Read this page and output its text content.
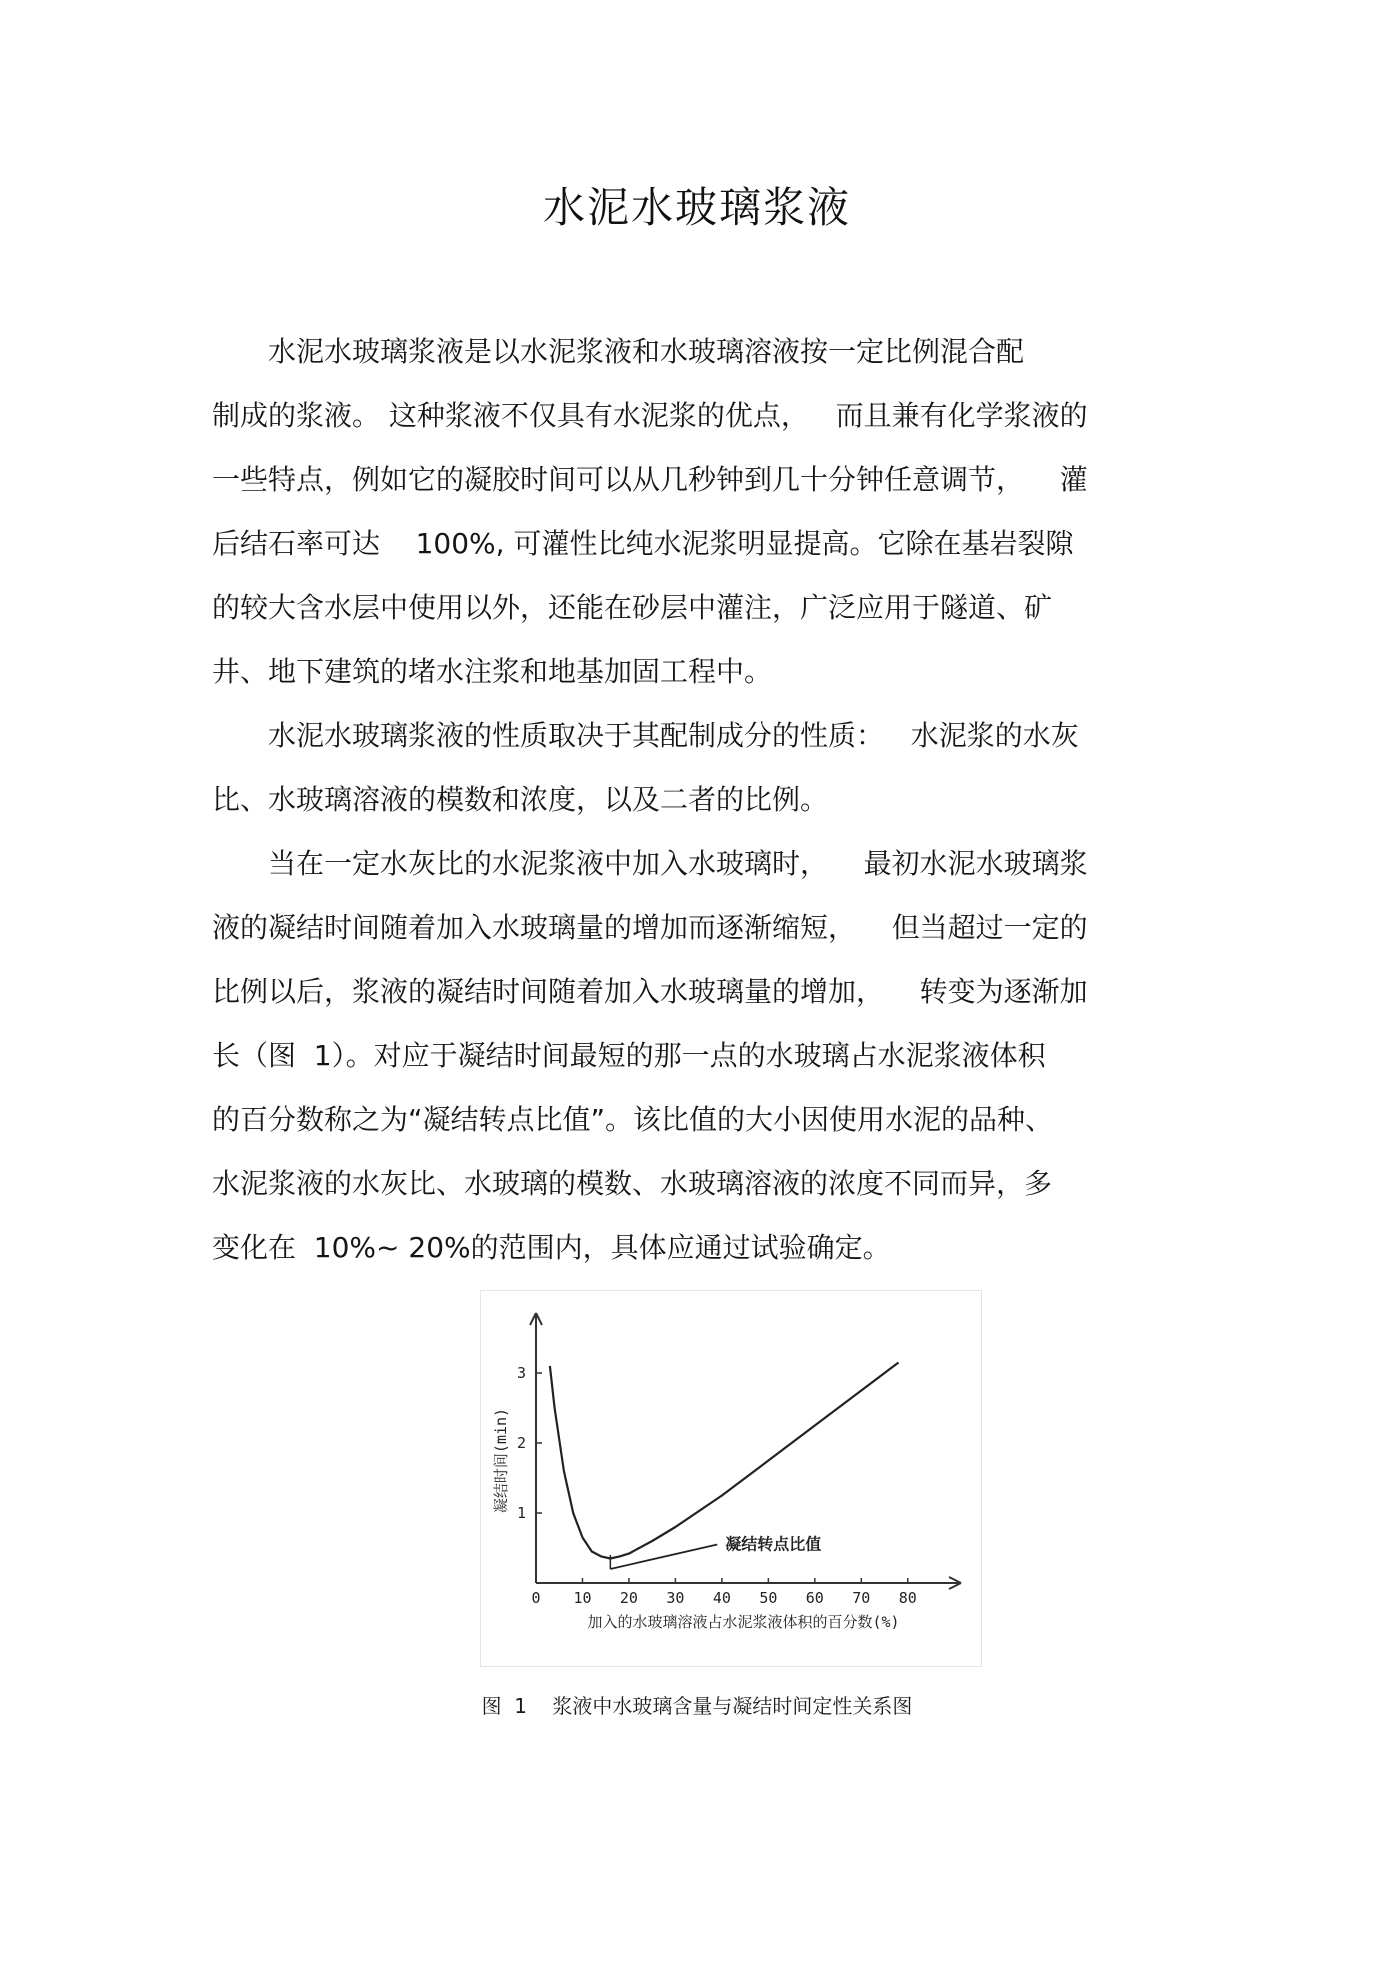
水泥水玻璃浆液
　　水泥水玻璃浆液是以水泥浆液和水玻璃溶液按一定比例混合配
制成的浆液。 这种浆液不仅具有水泥浆的优点，   而且兼有化学浆液的
一些特点，例如它的凝胶时间可以从几秒钟到几十分钟任意调节，    灌
后结石率可达    100%, 可灌性比纯水泥浆明显提高。它除在基岩裂隙
的较大含水层中使用以外，还能在砂层中灌注，广泛应用于隧道、矿
井、地下建筑的堵水注浆和地基加固工程中。
　　水泥水玻璃浆液的性质取决于其配制成分的性质：   水泥浆的水灰
比、水玻璃溶液的模数和浓度，以及二者的比例。
　　当在一定水灰比的水泥浆液中加入水玻璃时，    最初水泥水玻璃浆
液的凝结时间随着加入水玻璃量的增加而逐渐缩短，    但当超过一定的
比例以后，浆液的凝结时间随着加入水玻璃量的增加，    转变为逐渐加
长（图  1）。对应于凝结时间最短的那一点的水玻璃占水泥浆液体积
的百分数称之为“凝结转点比值”。该比值的大小因使用水泥的品种、
水泥浆液的水灰比、水玻璃的模数、水玻璃溶液的浓度不同而异，多
变化在  10%~ 20%的范围内，具体应通过试验确定。
0 10 20 30 40 50 60 70 80
1
2
3
加入的水玻璃溶液占水泥浆液体积的百分数(%)
凝结时间(min)
凝结转点比值
图  1    浆液中水玻璃含量与凝结时间定性关系图
